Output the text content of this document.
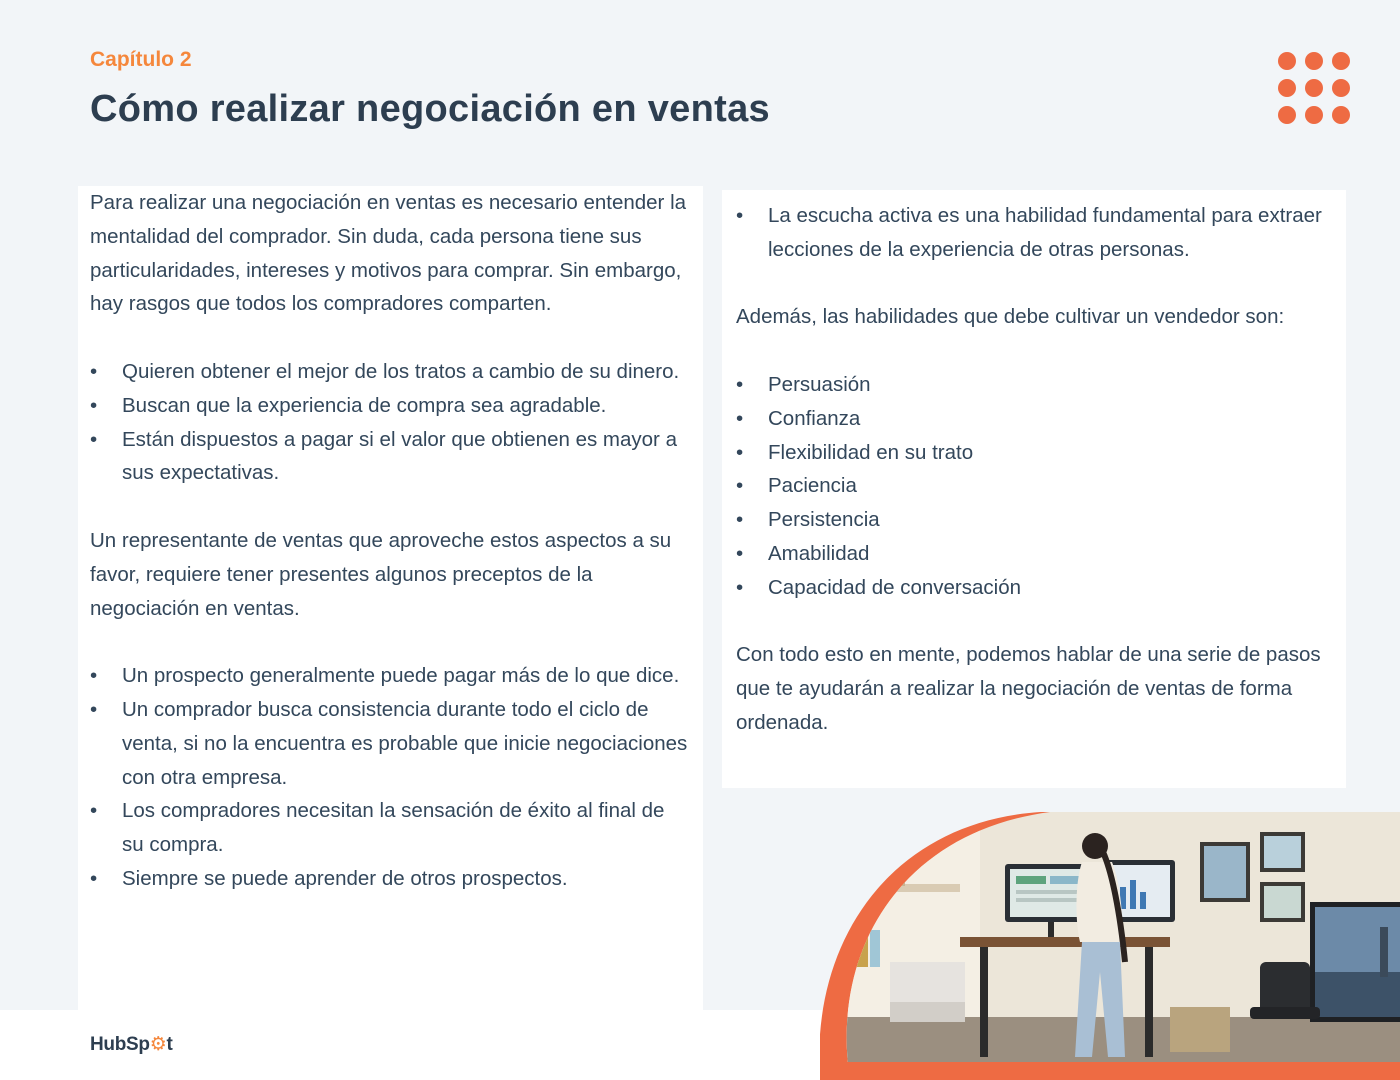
Capítulo 2
Cómo realizar negociación en ventas

Para realizar una negociación en ventas es necesario entender la mentalidad del comprador. Sin duda, cada persona tiene sus particularidades, intereses y motivos para comprar. Sin embargo, hay rasgos que todos los compradores comparten.

• Quieren obtener el mejor de los tratos a cambio de su dinero.
• Buscan que la experiencia de compra sea agradable.
• Están dispuestos a pagar si el valor que obtienen es mayor a sus expectativas.

Un representante de ventas que aproveche estos aspectos a su favor, requiere tener presentes algunos preceptos de la negociación en ventas.

• Un prospecto generalmente puede pagar más de lo que dice.
• Un comprador busca consistencia durante todo el ciclo de venta, si no la encuentra es probable que inicie negociaciones con otra empresa.
• Los compradores necesitan la sensación de éxito al final de su compra.
• Siempre se puede aprender de otros prospectos.
• La escucha activa es una habilidad fundamental para extraer lecciones de la experiencia de otras personas.

Además, las habilidades que debe cultivar un vendedor son:

• Persuasión
• Confianza
• Flexibilidad en su trato
• Paciencia
• Persistencia
• Amabilidad
• Capacidad de conversación

Con todo esto en mente, podemos hablar de una serie de pasos que te ayudarán a realizar la negociación de ventas de forma ordenada.

HubSp⚙t
